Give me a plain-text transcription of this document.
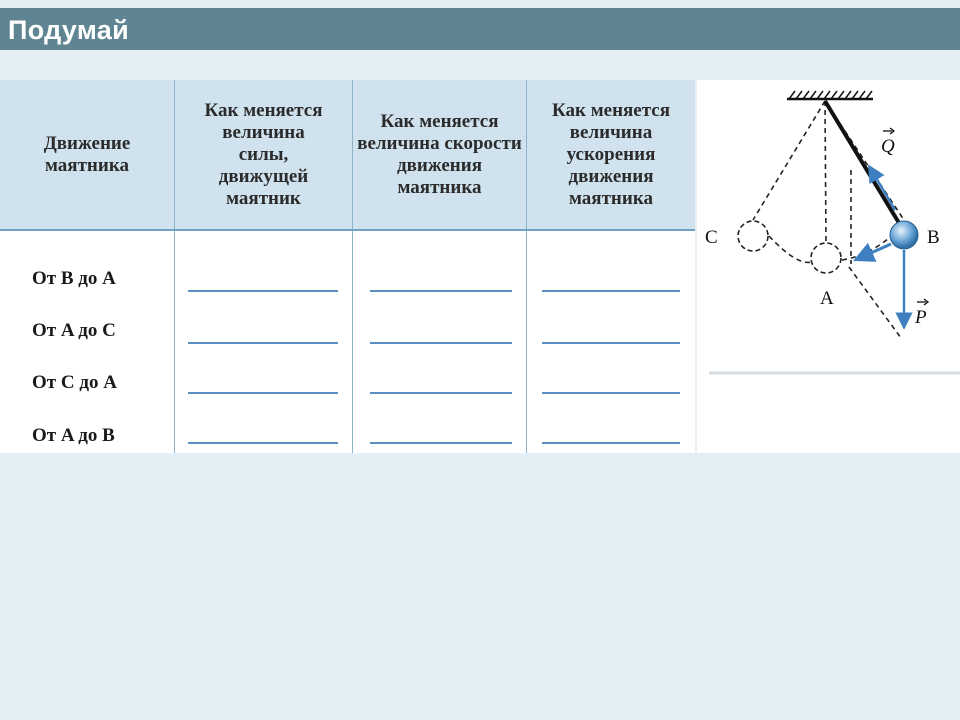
Подумай
Движение маятника
Как меняется величина силы, движущей маятник
Как меняется величина скорости движения маятника
Как меняется величина ускорения движения маятника
От B до A
От A до C
От C до A
От A до B
C	B
A
Q
P
